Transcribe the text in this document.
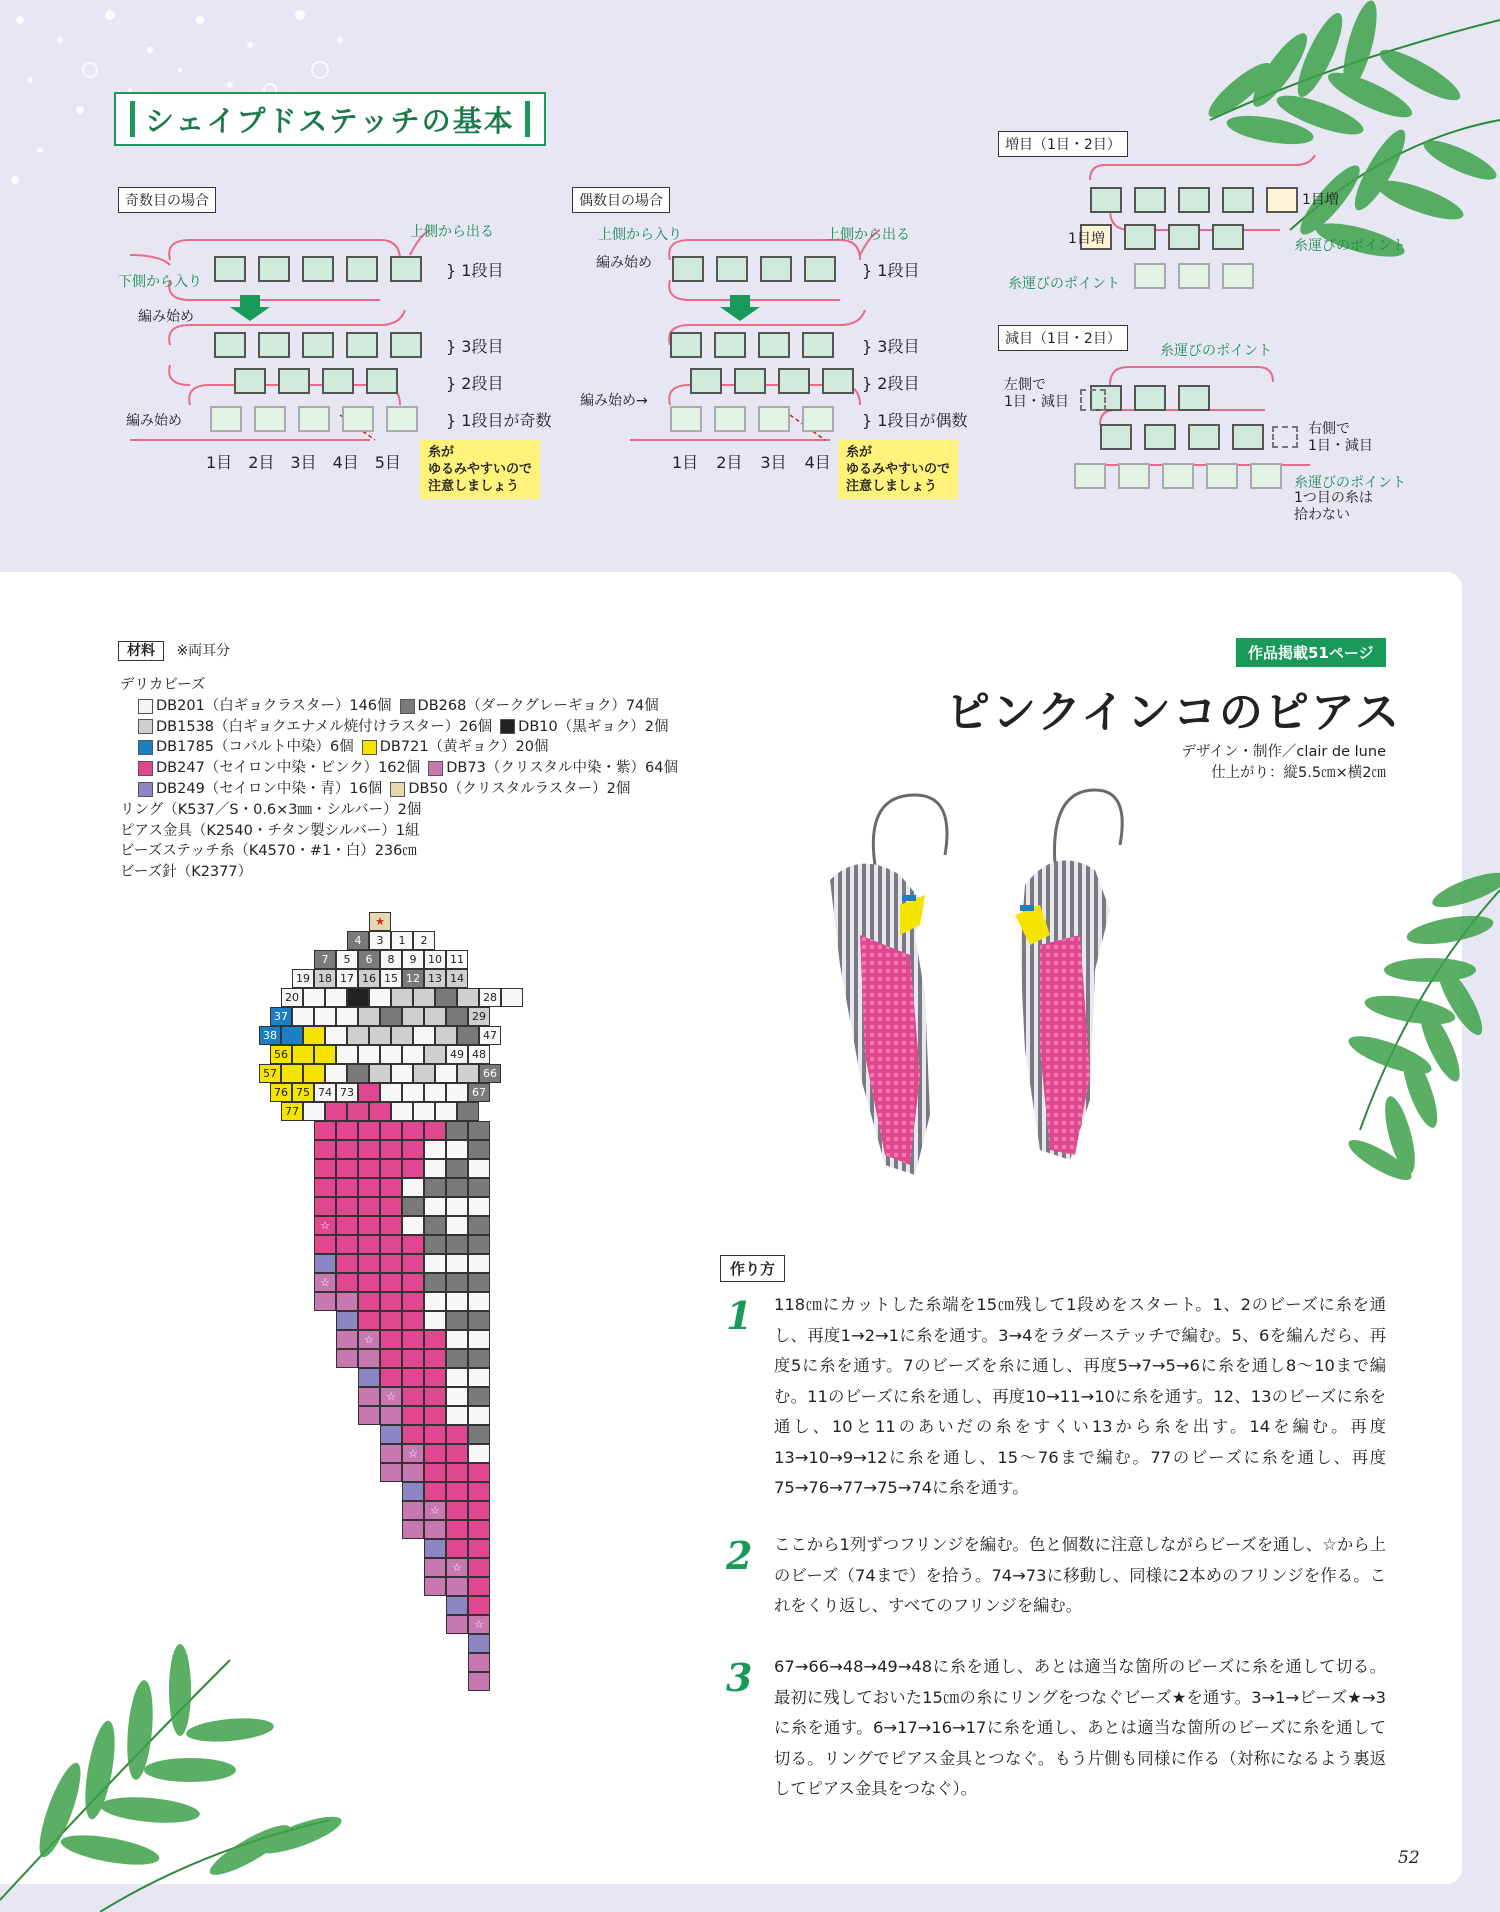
シェイプドステッチの基本
奇数目の場合
上側から出る
下側から入り
編み始め
編み始め
} 1段目
} 3段目
} 2段目
} 1段目が奇数
1目 2目 3目 4目 5目
糸が
ゆるみやすいので
注意しましょう
偶数目の場合
上側から入り	上側から出る
編み始め
編み始め→
} 1段目
} 3段目
} 2段目
} 1段目が偶数
1目 2目 3目 4目
糸が
ゆるみやすいので
注意しましょう
増目（1目・2目）
1目増
1目増	糸運びのポイント
糸運びのポイント
減目（1目・2目）
糸運びのポイント
左側で
1目・減目
右側で
1目・減目
糸運びのポイント
1つ目の糸は
拾わない
材料 ※両耳分
デリカビーズ
DB201（白ギョクラスター）146個 DB268（ダークグレーギョク）74個
DB1538（白ギョクエナメル焼付けラスター）26個 DB10（黒ギョク）2個
DB1785（コバルト中染）6個 DB721（黄ギョク）20個
DB247（セイロン中染・ピンク）162個 DB73（クリスタル中染・紫）64個
DB249（セイロン中染・青）16個 DB50（クリスタルラスター）2個
リング（K537／S・0.6×3㎜・シルバー）2個
ピアス金具（K2540・チタン製シルバー）1組
ビーズステッチ糸（K4570・#1・白）236㎝
ビーズ針（K2377）
作品掲載51ページ
ピンクインコのピアス
デザイン・制作／clair de lune
仕上がり：縦5.5㎝×横2㎝
★
4 3 1 2
7 5 6 8 9 10 11
19 18 17 16 15 12 13 14
20	28
37	29
38	47
56	49 48
57	66
76 75 74 73	67
77
☆
☆
☆
☆
☆
☆
☆
☆
作り方
1 118㎝にカットした糸端を15㎝残して1段めをスタート。1、2のビーズに糸を通し、再度1→2→1に糸を通す。3→4をラダーステッチで編む。5、6を編んだら、再度5に糸を通す。7のビーズを糸に通し、再度5→7→5→6に糸を通し8～10まで編む。11のビーズに糸を通し、再度10→11→10に糸を通す。12、13のビーズに糸を通し、10と11のあいだの糸をすくい13から糸を出す。14を編む。再度13→10→9→12に糸を通し、15～76まで編む。77のビーズに糸を通し、再度75→76→77→75→74に糸を通す。
2 ここから1列ずつフリンジを編む。色と個数に注意しながらビーズを通し、☆から上のビーズ（74まで）を拾う。74→73に移動し、同様に2本めのフリンジを作る。これをくり返し、すべてのフリンジを編む。
3 67→66→48→49→48に糸を通し、あとは適当な箇所のビーズに糸を通して切る。最初に残しておいた15㎝の糸にリングをつなぐビーズ★を通す。3→1→ビーズ★→3に糸を通す。6→17→16→17に糸を通し、あとは適当な箇所のビーズに糸を通して切る。リングでピアス金具とつなぐ。もう片側も同様に作る（対称になるよう裏返してピアス金具をつなぐ）。
52
